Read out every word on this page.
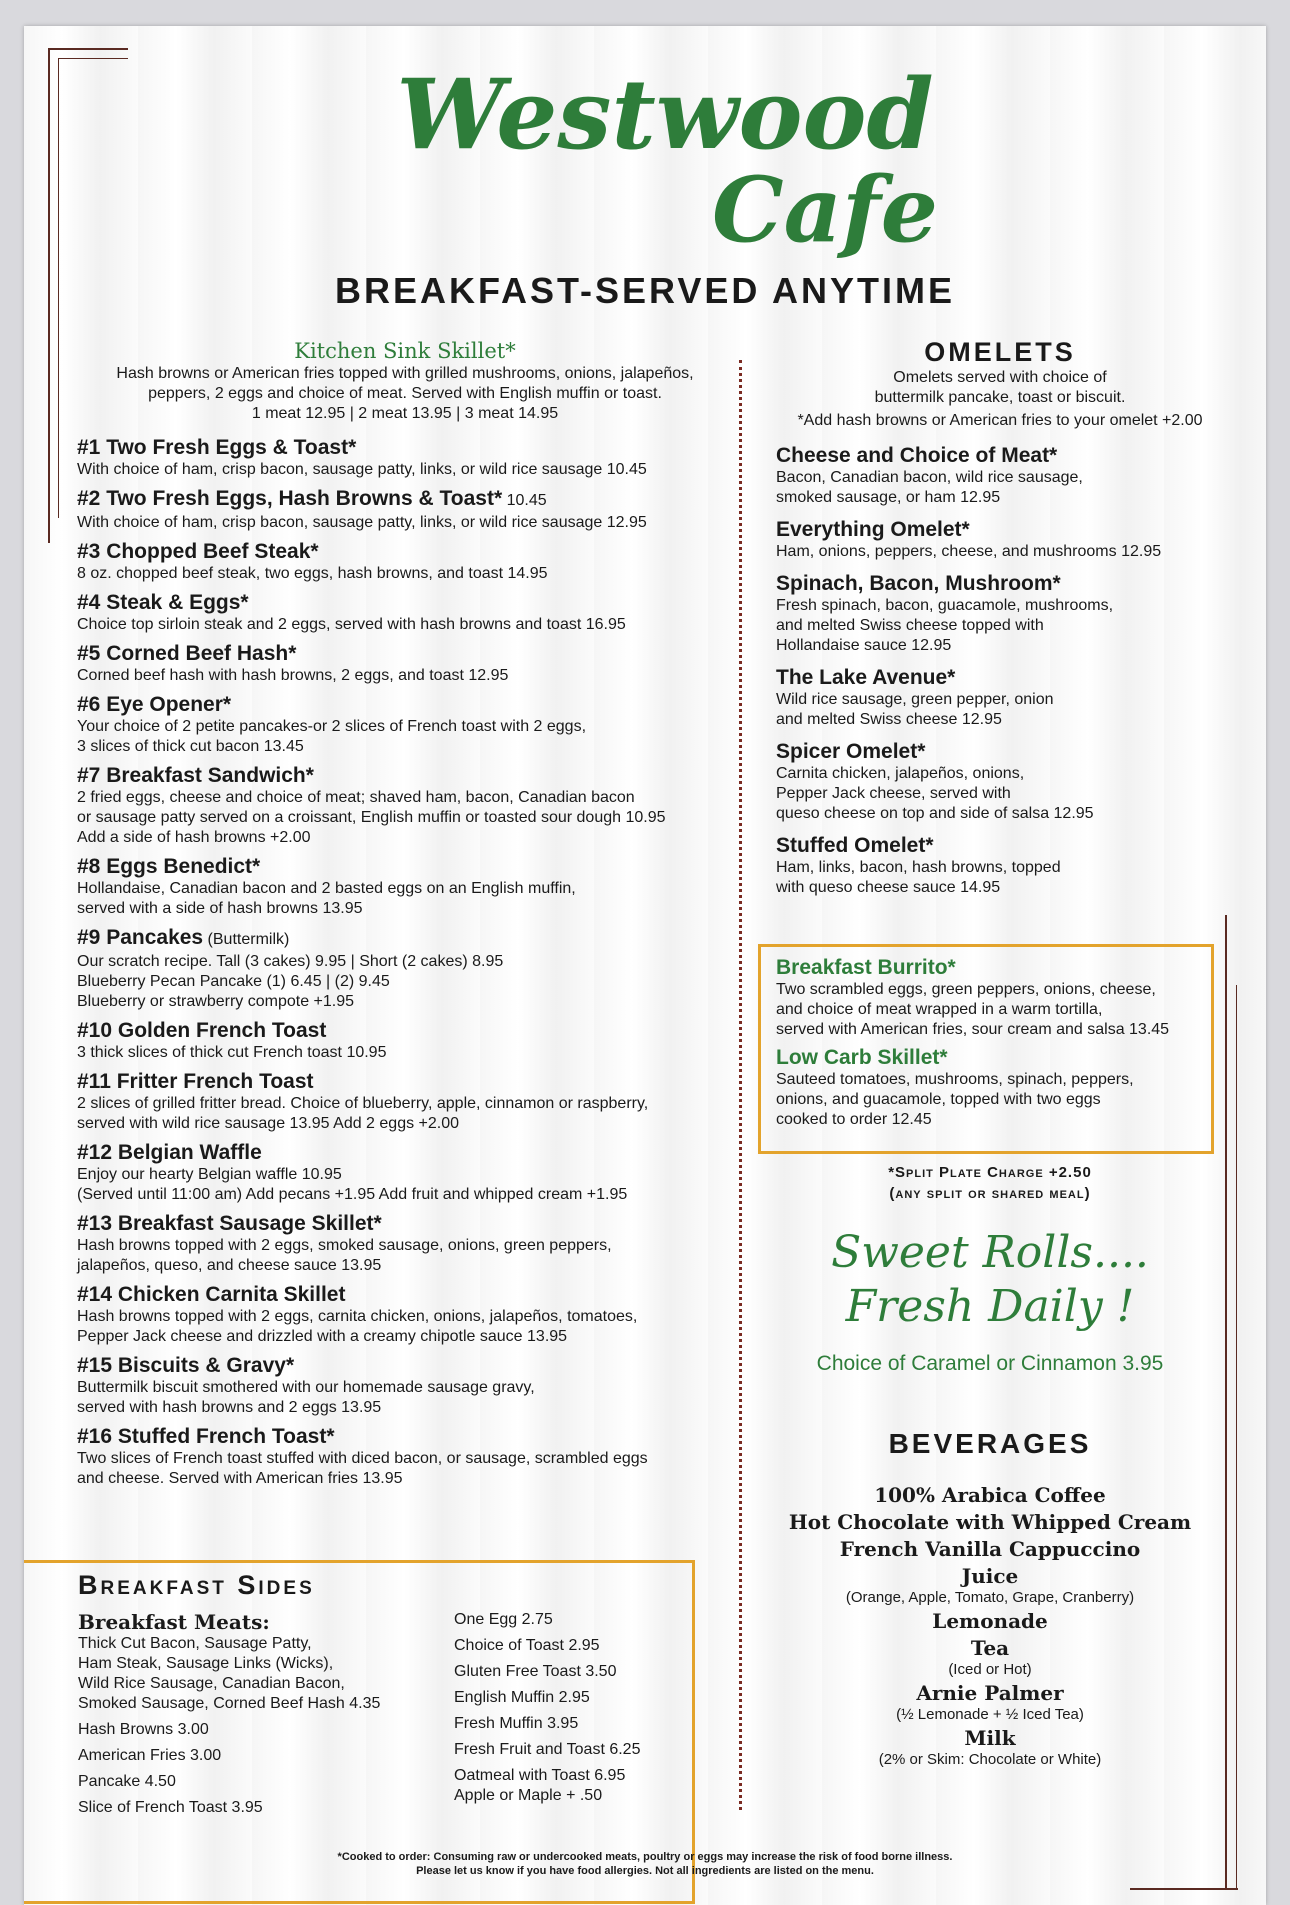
Westwood
Cafe
BREAKFAST-SERVED ANYTIME
Kitchen Sink Skillet*
Hash browns or American fries topped with grilled mushrooms, onions, jalapeños,
peppers, 2 eggs and choice of meat. Served with English muffin or toast.
1 meat 12.95 | 2 meat 13.95 | 3 meat 14.95
#1 Two Fresh Eggs & Toast*
With choice of ham, crisp bacon, sausage patty, links, or wild rice sausage 10.45
#2 Two Fresh Eggs, Hash Browns & Toast* 10.45
With choice of ham, crisp bacon, sausage patty, links, or wild rice sausage 12.95
#3 Chopped Beef Steak*
8 oz. chopped beef steak, two eggs, hash browns, and toast 14.95
#4 Steak & Eggs*
Choice top sirloin steak and 2 eggs, served with hash browns and toast 16.95
#5 Corned Beef Hash*
Corned beef hash with hash browns, 2 eggs, and toast 12.95
#6 Eye Opener*
Your choice of 2 petite pancakes-or 2 slices of French toast with 2 eggs,
3 slices of thick cut bacon 13.45
#7 Breakfast Sandwich*
2 fried eggs, cheese and choice of meat; shaved ham, bacon, Canadian bacon
or sausage patty served on a croissant, English muffin or toasted sour dough 10.95
Add a side of hash browns +2.00
#8 Eggs Benedict*
Hollandaise, Canadian bacon and 2 basted eggs on an English muffin,
served with a side of hash browns 13.95
#9 Pancakes (Buttermilk)
Our scratch recipe. Tall (3 cakes) 9.95 | Short (2 cakes) 8.95
Blueberry Pecan Pancake (1) 6.45 | (2) 9.45
Blueberry or strawberry compote +1.95
#10 Golden French Toast
3 thick slices of thick cut French toast 10.95
#11 Fritter French Toast
2 slices of grilled fritter bread. Choice of blueberry, apple, cinnamon or raspberry,
served with wild rice sausage 13.95 Add 2 eggs +2.00
#12 Belgian Waffle
Enjoy our hearty Belgian waffle 10.95
(Served until 11:00 am) Add pecans +1.95 Add fruit and whipped cream +1.95
#13 Breakfast Sausage Skillet*
Hash browns topped with 2 eggs, smoked sausage, onions, green peppers,
jalapeños, queso, and cheese sauce 13.95
#14 Chicken Carnita Skillet
Hash browns topped with 2 eggs, carnita chicken, onions, jalapeños, tomatoes,
Pepper Jack cheese and drizzled with a creamy chipotle sauce 13.95
#15 Biscuits & Gravy*
Buttermilk biscuit smothered with our homemade sausage gravy,
served with hash browns and 2 eggs 13.95
#16 Stuffed French Toast*
Two slices of French toast stuffed with diced bacon, or sausage, scrambled eggs
and cheese. Served with American fries 13.95
OMELETS
Omelets served with choice of
buttermilk pancake, toast or biscuit.
*Add hash browns or American fries to your omelet +2.00
Cheese and Choice of Meat*
Bacon, Canadian bacon, wild rice sausage,
smoked sausage, or ham 12.95
Everything Omelet*
Ham, onions, peppers, cheese, and mushrooms 12.95
Spinach, Bacon, Mushroom*
Fresh spinach, bacon, guacamole, mushrooms,
and melted Swiss cheese topped with
Hollandaise sauce 12.95
The Lake Avenue*
Wild rice sausage, green pepper, onion
and melted Swiss cheese 12.95
Spicer Omelet*
Carnita chicken, jalapeños, onions,
Pepper Jack cheese, served with
queso cheese on top and side of salsa 12.95
Stuffed Omelet*
Ham, links, bacon, hash browns, topped
with queso cheese sauce 14.95
Breakfast Burrito*
Two scrambled eggs, green peppers, onions, cheese,
and choice of meat wrapped in a warm tortilla,
served with American fries, sour cream and salsa 13.45
Low Carb Skillet*
Sauteed tomatoes, mushrooms, spinach, peppers,
onions, and guacamole, topped with two eggs
cooked to order 12.45
*Split Plate Charge +2.50
(any split or shared meal)
Sweet Rolls....
Fresh Daily !
Choice of Caramel or Cinnamon 3.95
BEVERAGES
100% Arabica Coffee
Hot Chocolate with Whipped Cream
French Vanilla Cappuccino
Juice
(Orange, Apple, Tomato, Grape, Cranberry)
Lemonade
Tea
(Iced or Hot)
Arnie Palmer
(½ Lemonade + ½ Iced Tea)
Milk
(2% or Skim: Chocolate or White)
Breakfast Sides
Breakfast Meats:
Thick Cut Bacon, Sausage Patty,
Ham Steak, Sausage Links (Wicks),
Wild Rice Sausage, Canadian Bacon,
Smoked Sausage, Corned Beef Hash 4.35
Hash Browns 3.00
American Fries 3.00
Pancake 4.50
Slice of French Toast 3.95
One Egg 2.75
Choice of Toast 2.95
Gluten Free Toast 3.50
English Muffin 2.95
Fresh Muffin 3.95
Fresh Fruit and Toast 6.25
Oatmeal with Toast 6.95
Apple or Maple + .50
*Cooked to order: Consuming raw or undercooked meats, poultry or eggs may increase the risk of food borne illness.
Please let us know if you have food allergies. Not all ingredients are listed on the menu.
